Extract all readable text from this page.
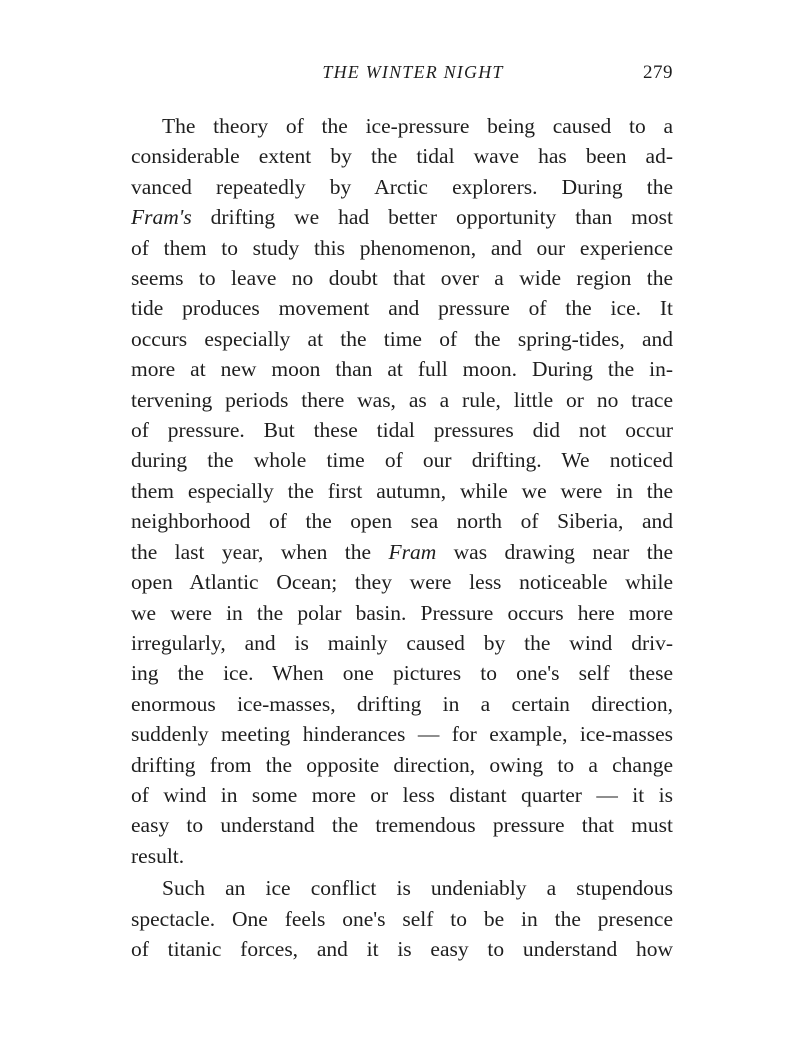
THE WINTER NIGHT	279
The theory of the ice-pressure being caused to a
considerable extent by the tidal wave has been ad-
vanced repeatedly by Arctic explorers. During the
Fram's drifting we had better opportunity than most
of them to study this phenomenon, and our experience
seems to leave no doubt that over a wide region the
tide produces movement and pressure of the ice. It
occurs especially at the time of the spring-tides, and
more at new moon than at full moon. During the in-
tervening periods there was, as a rule, little or no trace
of pressure. But these tidal pressures did not occur
during the whole time of our drifting. We noticed
them especially the first autumn, while we were in the
neighborhood of the open sea north of Siberia, and
the last year, when the Fram was drawing near the
open Atlantic Ocean; they were less noticeable while
we were in the polar basin. Pressure occurs here more
irregularly, and is mainly caused by the wind driv-
ing the ice. When one pictures to one's self these
enormous ice-masses, drifting in a certain direction,
suddenly meeting hinderances — for example, ice-masses
drifting from the opposite direction, owing to a change
of wind in some more or less distant quarter — it is
easy to understand the tremendous pressure that must
result.
Such an ice conflict is undeniably a stupendous
spectacle. One feels one's self to be in the presence
of titanic forces, and it is easy to understand how
